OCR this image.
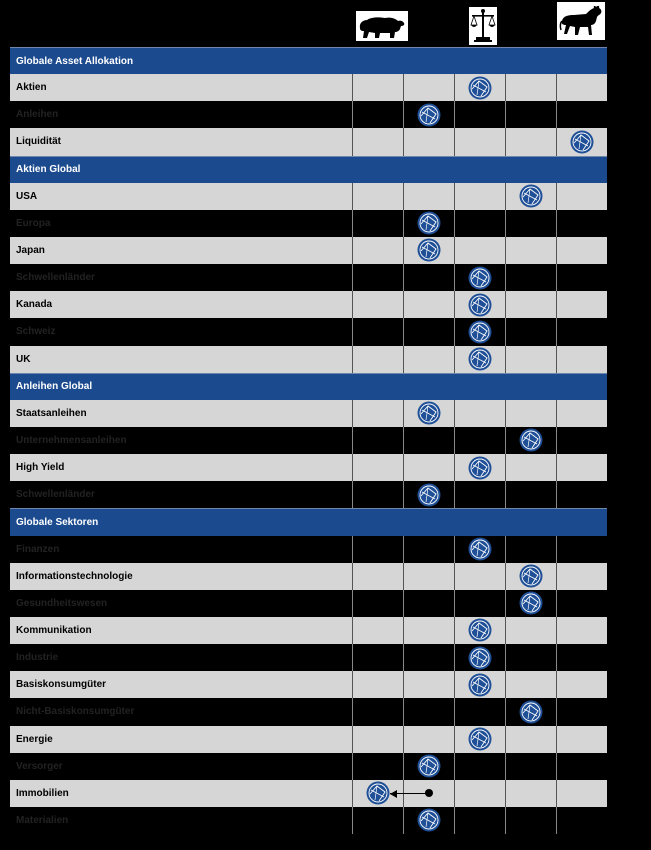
Globale Asset Allokation
Aktien
Anleihen
Liquidität
Aktien Global
USA
Europa
Japan
Schwellenländer
Kanada
Schweiz
UK
Anleihen Global
Staatsanleihen
Unternehmensanleihen
High Yield
Schwellenländer
Globale Sektoren
Finanzen
Informationstechnologie
Gesundheitswesen
Kommunikation
Industrie
Basiskonsumgüter
Nicht-Basiskonsumgüter
Energie
Versorger
Immobilien
Materialien
